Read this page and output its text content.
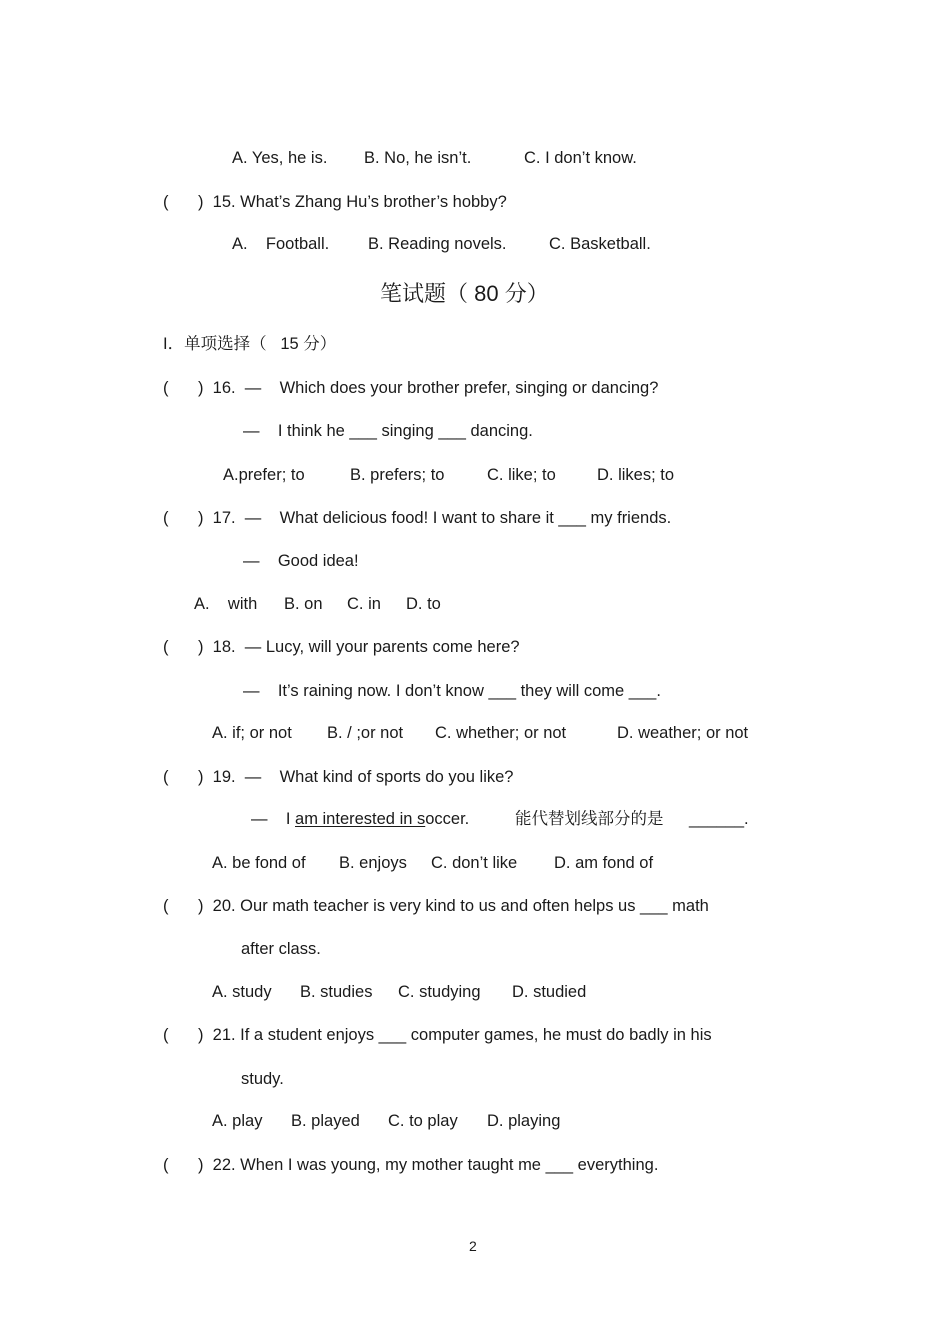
A. Yes, he is. B. No, he isn’t.	C. I don’t know.
( )  15. What’s Zhang Hu’s brother’s hobby?
A.    Football. B. Reading novels.	C. Basketball.
笔试题（ 80 分）
I．单项选择（   15 分）
( )  16.  —    Which does your brother prefer, singing or dancing?
—    I think he ___ singing ___ dancing.
A.prefer; to	B. prefers; to	C. like; to D. likes; to
( )  17.  —    What delicious food! I want to share it ___ my friends.
—    Good idea!
A.    with B. on C. in D. to
( )  18.  — Lucy, will your parents come here?
—    It’s raining now. I don’t know ___ they will come ___.
A. if; or not B. / ;or not C. whether; or not	D. weather; or not
( )  19.  —    What kind of sports do you like?
—    I am interested in soccer.	能代替划线部分的是 ______.
A. be fond of B. enjoys C. don’t like D. am fond of
( )  20. Our math teacher is very kind to us and often helps us ___ math
after class.
A. study B. studies C. studying D. studied
( )  21. If a student enjoys ___ computer games, he must do badly in his
study.
A. play B. played C. to play D. playing
( )  22. When I was young, my mother taught me ___ everything.
2
